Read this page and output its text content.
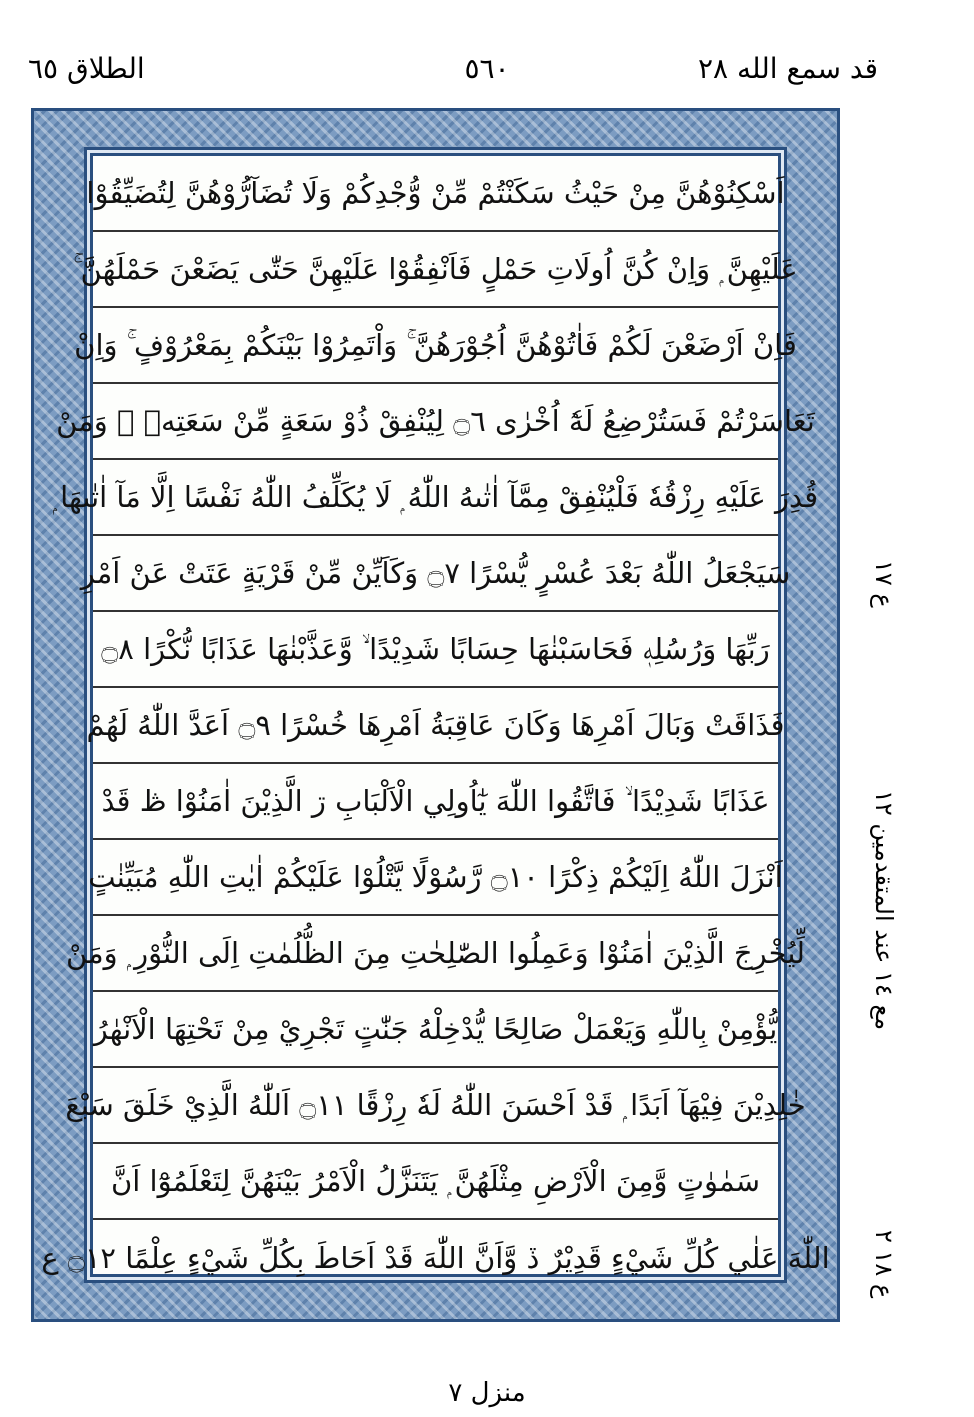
الطلاق ٦٥	٥٦٠	قد سمع الله ٢٨
اَسْكِنُوْهُنَّ مِنْ حَيْثُ سَكَنْتُمْ مِّنْ وُّجْدِكُمْ وَلَا تُضَآرُّوْهُنَّ لِتُضَيِّقُوْا
عَلَيْهِنَّ ۭ وَاِنْ كُنَّ اُولَاتِ حَمْلٍ فَاَنْفِقُوْا عَلَيْهِنَّ حَتّٰى يَضَعْنَ حَمْلَهُنَّ ۚ
فَاِنْ اَرْضَعْنَ لَكُمْ فَاٰتُوْهُنَّ اُجُوْرَهُنَّ ۚ وَاْتَمِرُوْا بَيْنَكُمْ بِمَعْرُوْفٍ ۚ وَاِنْ
تَعَاسَرْتُمْ فَسَتُرْضِعُ لَهٗٓ اُخْرٰى ۝٦ لِيُنْفِقْ ذُوْ سَعَةٍ مِّنْ سَعَتِهٖ ۭ وَمَنْ
قُدِرَ عَلَيْهِ رِزْقُهٗ فَلْيُنْفِقْ مِمَّآ اٰتٰىهُ اللّٰهُ ۭ لَا يُكَلِّفُ اللّٰهُ نَفْسًا اِلَّا مَآ اٰتٰىهَا ۭ
سَيَجْعَلُ اللّٰهُ بَعْدَ عُسْرٍ يُّسْرًا ۝٧ وَكَاَيِّنْ مِّنْ قَرْيَةٍ عَتَتْ عَنْ اَمْرِ
رَبِّهَا وَرُسُلِهٖ فَحَاسَبْنٰهَا حِسَابًا شَدِيْدًا ۙ وَّعَذَّبْنٰهَا عَذَابًا نُّكْرًا ۝٨
فَذَاقَتْ وَبَالَ اَمْرِهَا وَكَانَ عَاقِبَةُ اَمْرِهَا خُسْرًا ۝٩ اَعَدَّ اللّٰهُ لَهُمْ
عَذَابًا شَدِيْدًا ۙ فَاتَّقُوا اللّٰهَ يٰٓاُولِي الْاَلْبَابِ ڗ الَّذِيْنَ اٰمَنُوْا ڟ قَدْ
اَنْزَلَ اللّٰهُ اِلَيْكُمْ ذِكْرًا ۝١٠ رَّسُوْلًا يَّتْلُوْا عَلَيْكُمْ اٰيٰتِ اللّٰهِ مُبَيِّنٰتٍ
لِّيُخْرِجَ الَّذِيْنَ اٰمَنُوْا وَعَمِلُوا الصّٰلِحٰتِ مِنَ الظُّلُمٰتِ اِلَى النُّوْرِ ۭ وَمَنْ
يُّؤْمِنْ بِاللّٰهِ وَيَعْمَلْ صَالِحًا يُّدْخِلْهُ جَنّٰتٍ تَجْرِيْ مِنْ تَحْتِهَا الْاَنْهٰرُ
خٰلِدِيْنَ فِيْهَآ اَبَدًا ۭ قَدْ اَحْسَنَ اللّٰهُ لَهٗ رِزْقًا ۝١١ اَللّٰهُ الَّذِيْ خَلَقَ سَبْعَ
سَمٰوٰتٍ وَّمِنَ الْاَرْضِ مِثْلَهُنَّ ۭ يَتَنَزَّلُ الْاَمْرُ بَيْنَهُنَّ لِتَعْلَمُوْٓا اَنَّ
اللّٰهَ عَلٰي كُلِّ شَيْءٍ قَدِيْرٌ ڏ وَّاَنَّ اللّٰهَ قَدْ اَحَاطَ بِكُلِّ شَيْءٍ عِلْمًا ۝١٢ ع
ع ١٧
مع ١٤ عند المتقدمين ١٢
ع ١٨ ٢
منزل ٧
